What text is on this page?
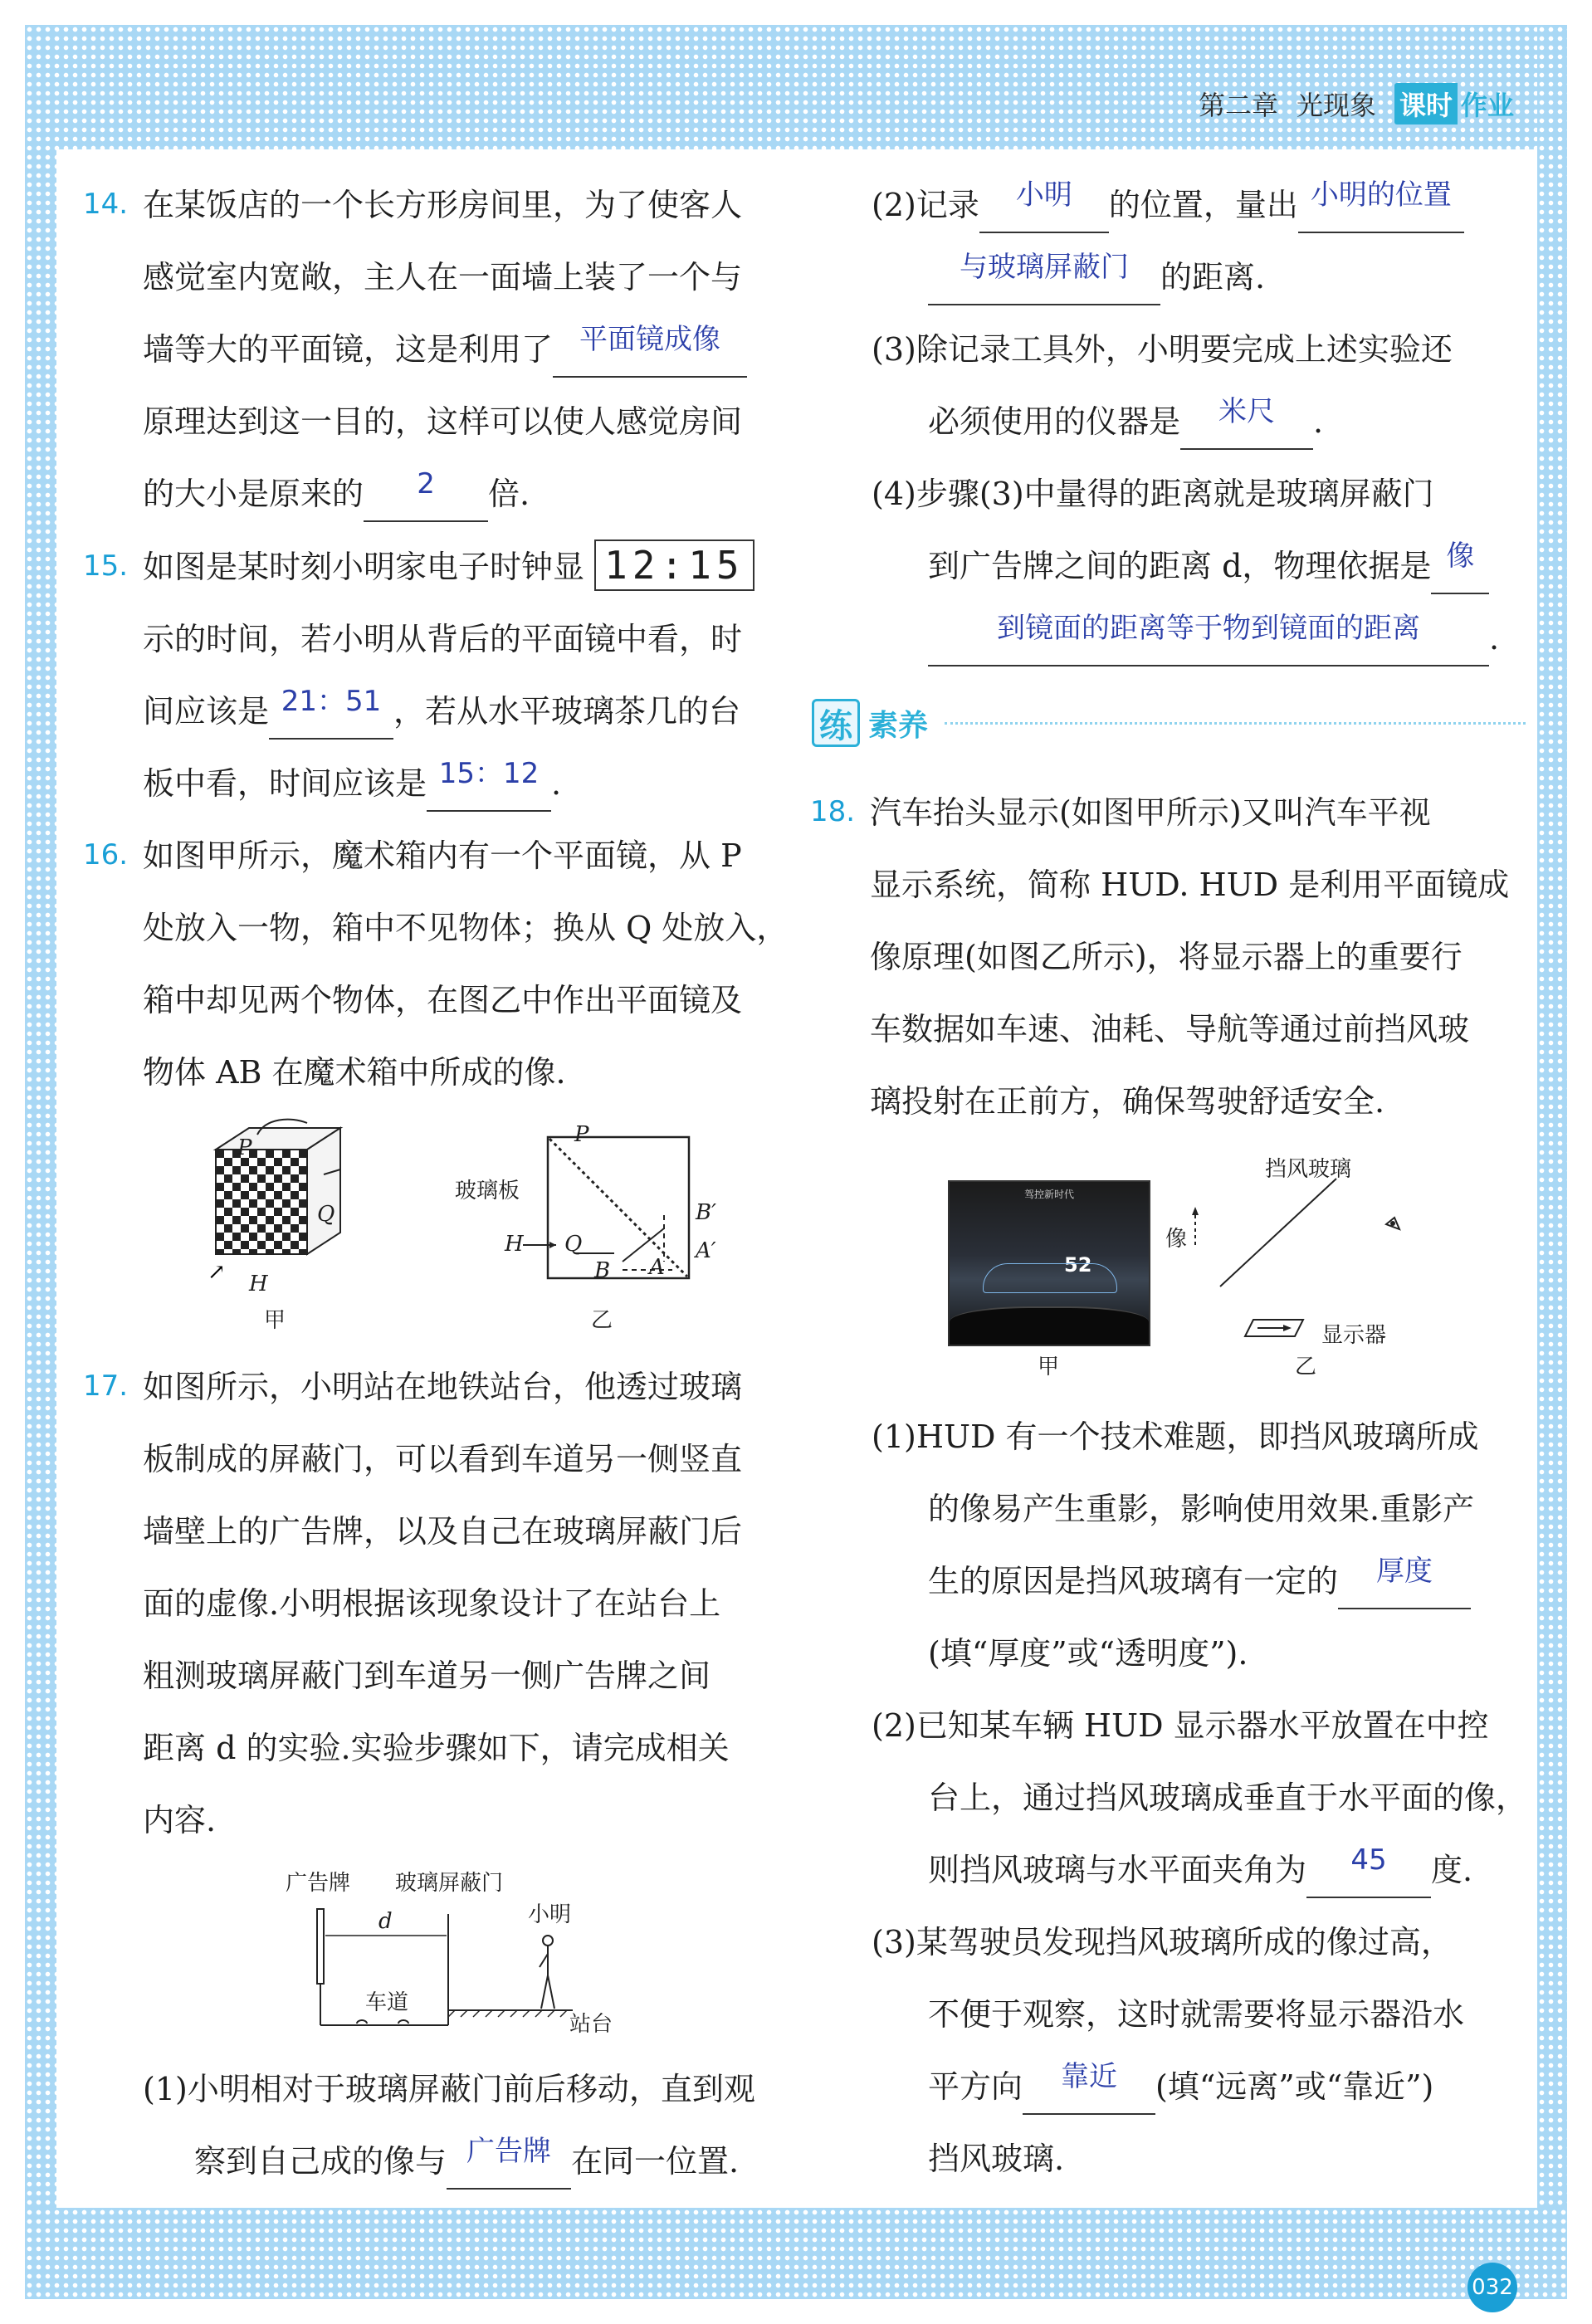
第二章 光现象 课时 作业
14. 在某饭店的一个长方形房间里，为了使客人
感觉室内宽敞，主人在一面墙上装了一个与
墙等大的平面镜，这是利用了 平面镜成像
原理达到这一目的，这样可以使人感觉房间
的大小是原来的 2 倍.
15. 如图是某时刻小明家电子时钟显 12:15
示的时间，若小明从背后的平面镜中看，时
间应该是 21：51 ，若从水平玻璃茶几的台
板中看，时间应该是 15：12 .
16. 如图甲所示，魔术箱内有一个平面镜，从 P
处放入一物，箱中不见物体；换从 Q 处放入，
箱中却见两个物体，在图乙中作出平面镜及
物体 AB 在魔术箱中所成的像.
↗
P
Q
H
甲
玻璃板
P
H Q
B A
B′
A′
乙
17. 如图所示，小明站在地铁站台，他透过玻璃
板制成的屏蔽门，可以看到车道另一侧竖直
墙壁上的广告牌，以及自己在玻璃屏蔽门后
面的虚像.小明根据该现象设计了在站台上
粗测玻璃屏蔽门到车道另一侧广告牌之间
距离 d 的实验.实验步骤如下，请完成相关
内容.
广告牌 玻璃屏蔽门
d	小明
车道
站台
(1)小明相对于玻璃屏蔽门前后移动，直到观
察到自己成的像与 广告牌 在同一位置.
(2)记录 小明 的位置，量出 小明的位置
与玻璃屏蔽门 的距离.
(3)除记录工具外，小明要完成上述实验还
必须使用的仪器是 米尺 .
(4)步骤(3)中量得的距离就是玻璃屏蔽门
到广告牌之间的距离 d，物理依据是 像
到镜面的距离等于物到镜面的距离 .
练 素养
18. 汽车抬头显示(如图甲所示)又叫汽车平视
显示系统，简称 HUD. HUD 是利用平面镜成
像原理(如图乙所示)，将显示器上的重要行
车数据如车速、油耗、导航等通过前挡风玻
璃投射在正前方，确保驾驶舒适安全.
驾控新时代
52
甲
挡风玻璃
像
显示器
乙
(1)HUD 有一个技术难题，即挡风玻璃所成
的像易产生重影，影响使用效果.重影产
生的原因是挡风玻璃有一定的 厚度
(填“厚度”或“透明度”).
(2)已知某车辆 HUD 显示器水平放置在中控
台上，通过挡风玻璃成垂直于水平面的像，
则挡风玻璃与水平面夹角为 45 度.
(3)某驾驶员发现挡风玻璃所成的像过高，
不便于观察，这时就需要将显示器沿水
平方向 靠近 (填“远离”或“靠近”)
挡风玻璃.
032
